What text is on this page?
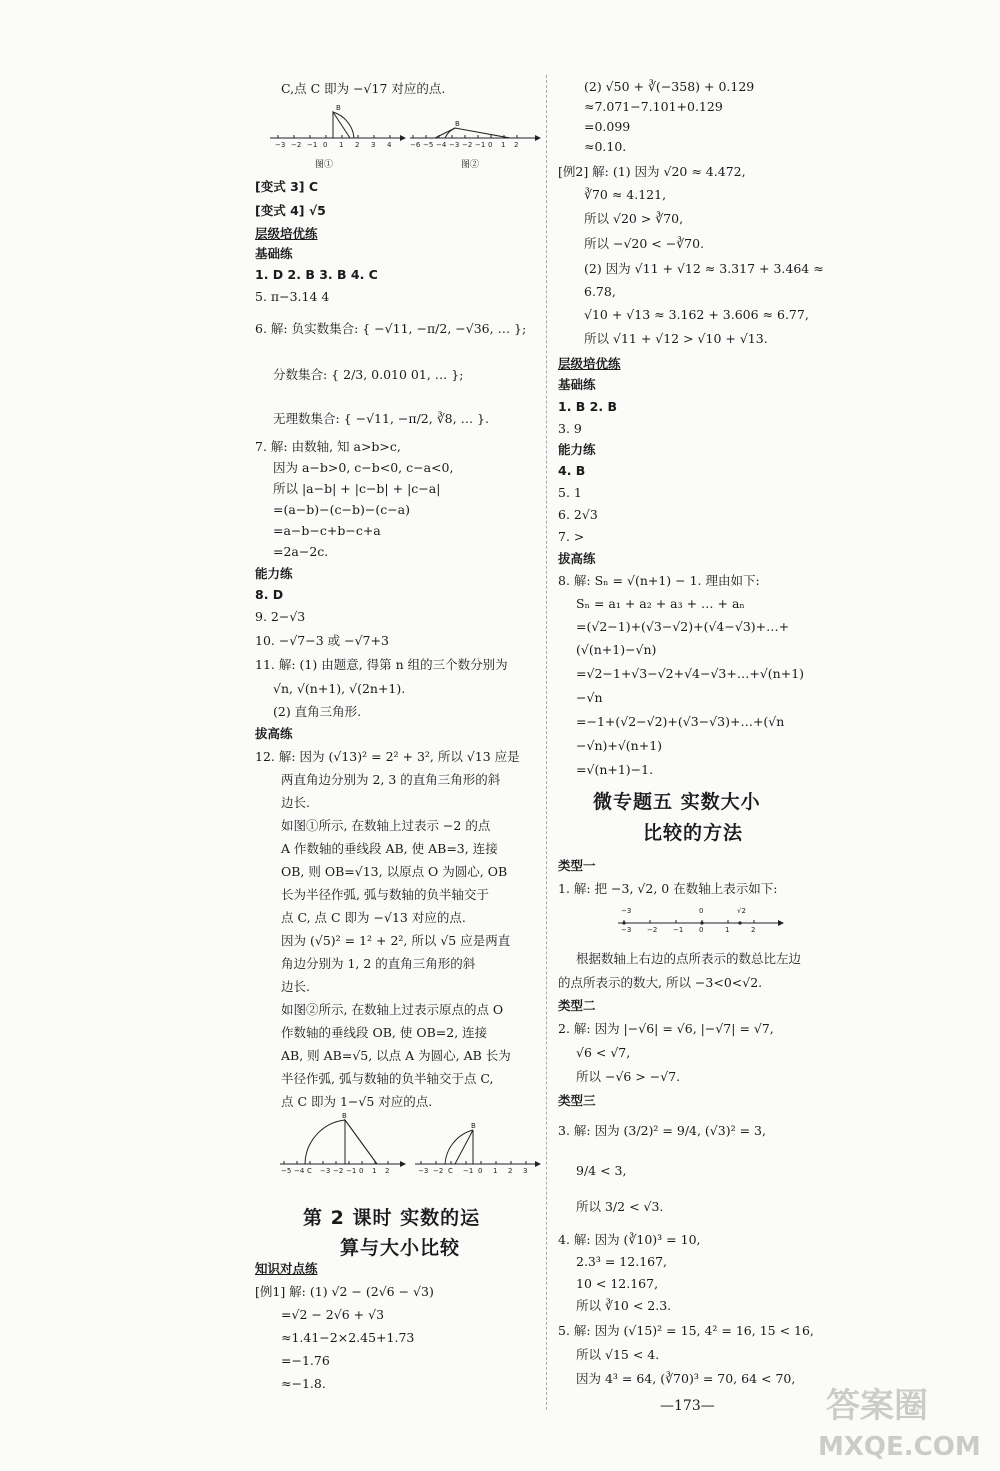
C,点 C 即为 −√17 对应的点.
−3 −2 −1 0 1 2 3 4
B
−6 −5 −4 −3 −2 −1 0 1 2
B
图①	图②
[变式 3] C
[变式 4] √5
层级培优练
基础练
1. D 2. B 3. B 4. C
5. π−3.14 4
6. 解: 负实数集合: { −√11, −π/2, −√36, … };
分数集合: { 2/3, 0.010 01, … };
无理数集合: { −√11, −π/2, ∛8, … }.
7. 解: 由数轴, 知 a>b>c,
因为 a−b>0, c−b<0, c−a<0,
所以 |a−b| + |c−b| + |c−a|
=(a−b)−(c−b)−(c−a)
=a−b−c+b−c+a
=2a−2c.
能力练
8. D
9. 2−√3
10. −√7−3 或 −√7+3
11. 解: (1) 由题意, 得第 n 组的三个数分别为
√n, √(n+1), √(2n+1).
(2) 直角三角形.
拔高练
12. 解: 因为 (√13)² = 2² + 3², 所以 √13 应是
两直角边分别为 2, 3 的直角三角形的斜
边长.
如图①所示, 在数轴上过表示 −2 的点
A 作数轴的垂线段 AB, 使 AB=3, 连接
OB, 则 OB=√13, 以原点 O 为圆心, OB
长为半径作弧, 弧与数轴的负半轴交于
点 C, 点 C 即为 −√13 对应的点.
因为 (√5)² = 1² + 2², 所以 √5 应是两直
角边分别为 1, 2 的直角三角形的斜
边长.
如图②所示, 在数轴上过表示原点的点 O
作数轴的垂线段 OB, 使 OB=2, 连接
AB, 则 AB=√5, 以点 A 为圆心, AB 长为
半径作弧, 弧与数轴的负半轴交于点 C,
点 C 即为 1−√5 对应的点.
−5 −4 C −3 −2 −1 0 1 2
B
−3 −2 C −1 0 1 2 3
B
第 2 课时 实数的运
算与大小比较
知识对点练
[例1] 解: (1) √2 − (2√6 − √3)
=√2 − 2√6 + √3
≈1.41−2×2.45+1.73
=−1.76
≈−1.8.
(2) √50 + ∛(−358) + 0.129
≈7.071−7.101+0.129
=0.099
≈0.10.
[例2] 解: (1) 因为 √20 ≈ 4.472,
∛70 ≈ 4.121,
所以 √20 > ∛70,
所以 −√20 < −∛70.
(2) 因为 √11 + √12 ≈ 3.317 + 3.464 ≈
6.78,
√10 + √13 ≈ 3.162 + 3.606 ≈ 6.77,
所以 √11 + √12 > √10 + √13.
层级培优练
基础练
1. B 2. B
3. 9
能力练
4. B
5. 1
6. 2√3
7. >
拔高练
8. 解: Sₙ = √(n+1) − 1. 理由如下:
Sₙ = a₁ + a₂ + a₃ + … + aₙ
=(√2−1)+(√3−√2)+(√4−√3)+…+
(√(n+1)−√n)
=√2−1+√3−√2+√4−√3+…+√(n+1)
−√n
=−1+(√2−√2)+(√3−√3)+…+(√n
−√n)+√(n+1)
=√(n+1)−1.
微专题五 实数大小
比较的方法
类型一
1. 解: 把 −3, √2, 0 在数轴上表示如下:
−3 −2 −1 0	1	2
−3	0	√2
根据数轴上右边的点所表示的数总比左边
的点所表示的数大, 所以 −3<0<√2.
类型二
2. 解: 因为 |−√6| = √6, |−√7| = √7,
√6 < √7,
所以 −√6 > −√7.
类型三
3. 解: 因为 (3/2)² = 9/4, (√3)² = 3,
9/4 < 3,
所以 3/2 < √3.
4. 解: 因为 (∛10)³ = 10,
2.3³ = 12.167,
10 < 12.167,
所以 ∛10 < 2.3.
5. 解: 因为 (√15)² = 15, 4² = 16, 15 < 16,
所以 √15 < 4.
因为 4³ = 64, (∛70)³ = 70, 64 < 70,
—173—	答案圈
MXQE.COM
